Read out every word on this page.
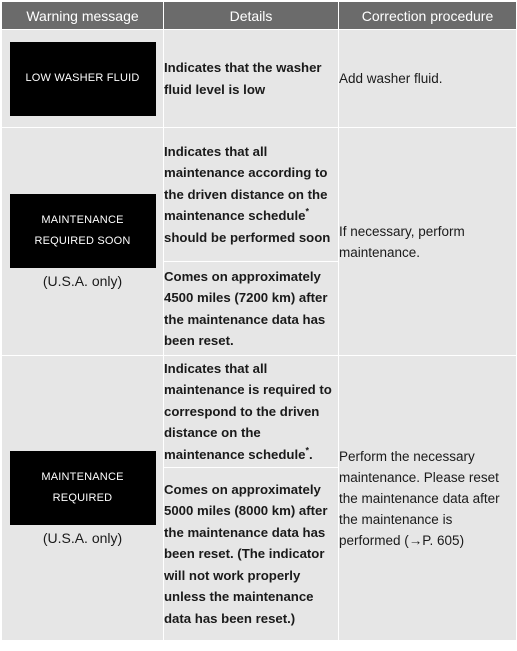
Warning message	Details	Correction procedure

LOW WASHER FLUID	Indicates that the washer fluid level is low	Add washer fluid.

MAINTENANCE
REQUIRED SOON
(U.S.A. only)	Indicates that all maintenance according to the driven distance on the maintenance schedule* should be performed soon	If necessary, perform maintenance.
	Comes on approximately 4500 miles (7200 km) after the maintenance data has been reset.	

MAINTENANCE
REQUIRED
(U.S.A. only)	Indicates that all maintenance is required to correspond to the driven distance on the maintenance schedule*.	Perform the necessary maintenance. Please reset the maintenance data after the maintenance is performed (→P. 605)
	Comes on approximately 5000 miles (8000 km) after the maintenance data has been reset. (The indicator will not work properly unless the maintenance data has been reset.)	
